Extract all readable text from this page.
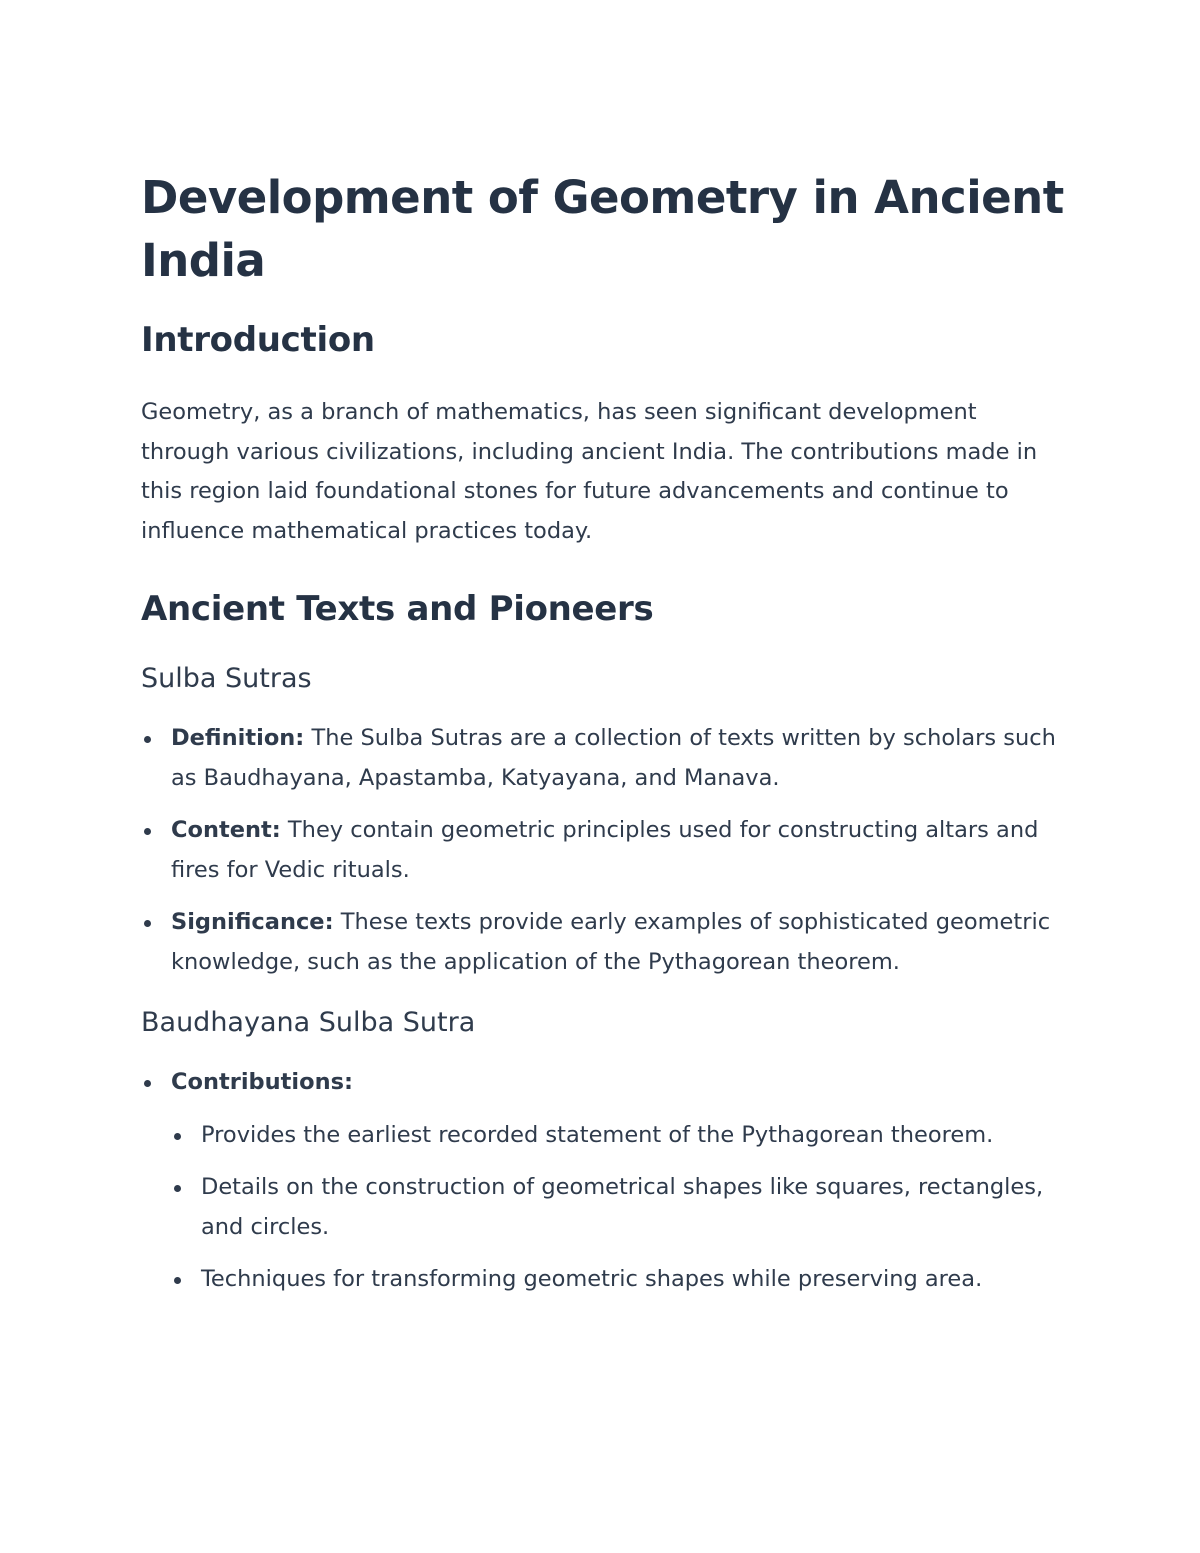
Development of Geometry in Ancient India
Introduction

Geometry, as a branch of mathematics, has seen significant development through various civilizations, including ancient India. The contributions made in this region laid foundational stones for future advancements and continue to influence mathematical practices today.

Ancient Texts and Pioneers
Sulba Sutras
Definition: The Sulba Sutras are a collection of texts written by scholars such as Baudhayana, Apastamba, Katyayana, and Manava.
Content: They contain geometric principles used for constructing altars and fires for Vedic rituals.
Significance: These texts provide early examples of sophisticated geometric knowledge, such as the application of the Pythagorean theorem.
Baudhayana Sulba Sutra
Contributions:
Provides the earliest recorded statement of the Pythagorean theorem.
Details on the construction of geometrical shapes like squares, rectangles, and circles.
Techniques for transforming geometric shapes while preserving area.
